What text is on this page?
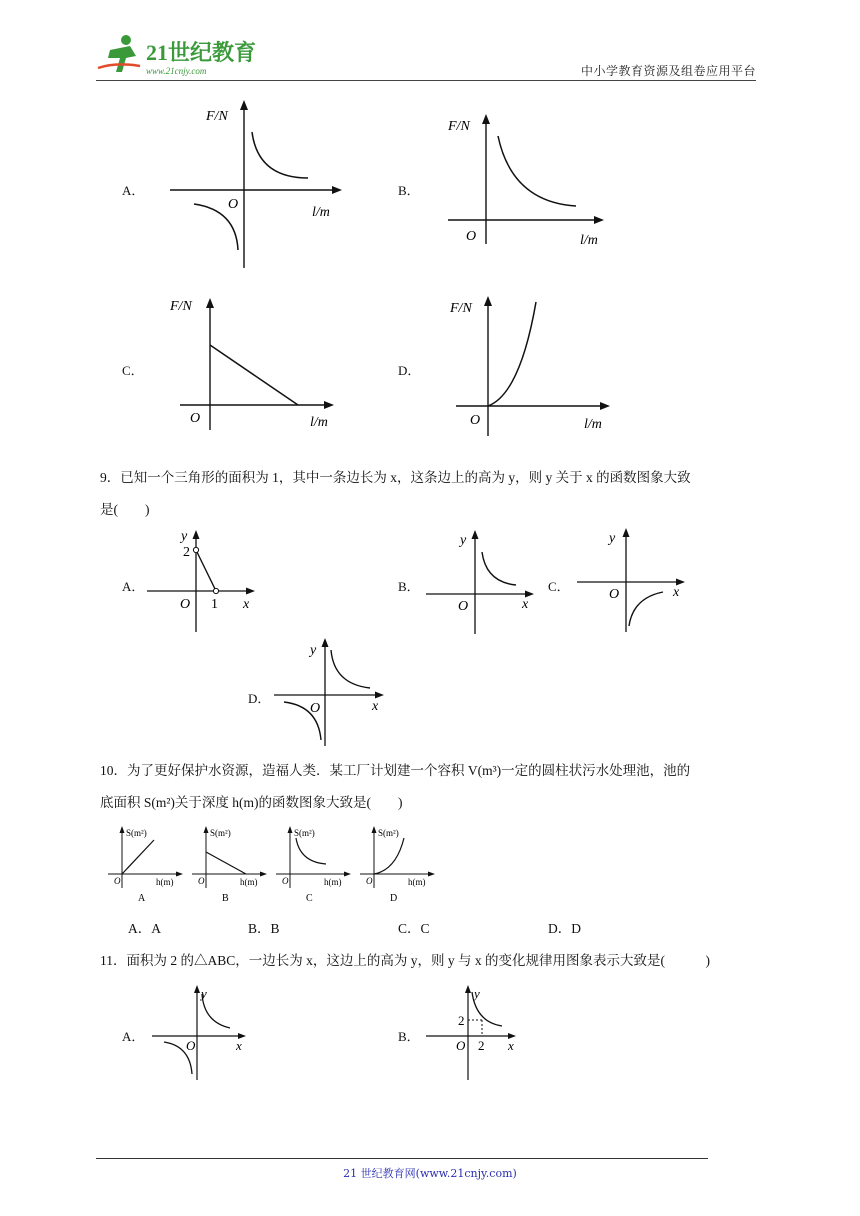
21世纪教育
www.21cnjy.com	中小学教育资源及组卷应用平台
A．	B．
C．	D．
F/N
O
l/m
F/N
O	l/m
F/N
O	l/m
F/N
O	l/m
9．已知一个三角形的面积为 1，其中一条边长为 x，这条边上的高为 y，则 y 关于 x 的函数图象大致
是(　　)
A．	B．	C．
D．
y
2
O 1 x
y
O	x
y
O	x
y
O	x
10．为了更好保护水资源，造福人类．某工厂计划建一个容积 V(m³)一定的圆柱状污水处理池，池的
底面积 S(m²)关于深度 h(m)的函数图象大致是(　　)
S(m²)
O	h(m)
A
S(m²)
O	h(m)
B
S(m²)
O	h(m)
C
S(m²)
O	h(m)
D
A．A	B．B	C．C	D．D
11．面积为 2 的△ABC，一边长为 x，这边上的高为 y，则 y 与 x 的变化规律用图象表示大致是(　　　)
A．	B．
y
O	x
y
2
O 2 x
21 世纪教育网(www.21cnjy.com)
